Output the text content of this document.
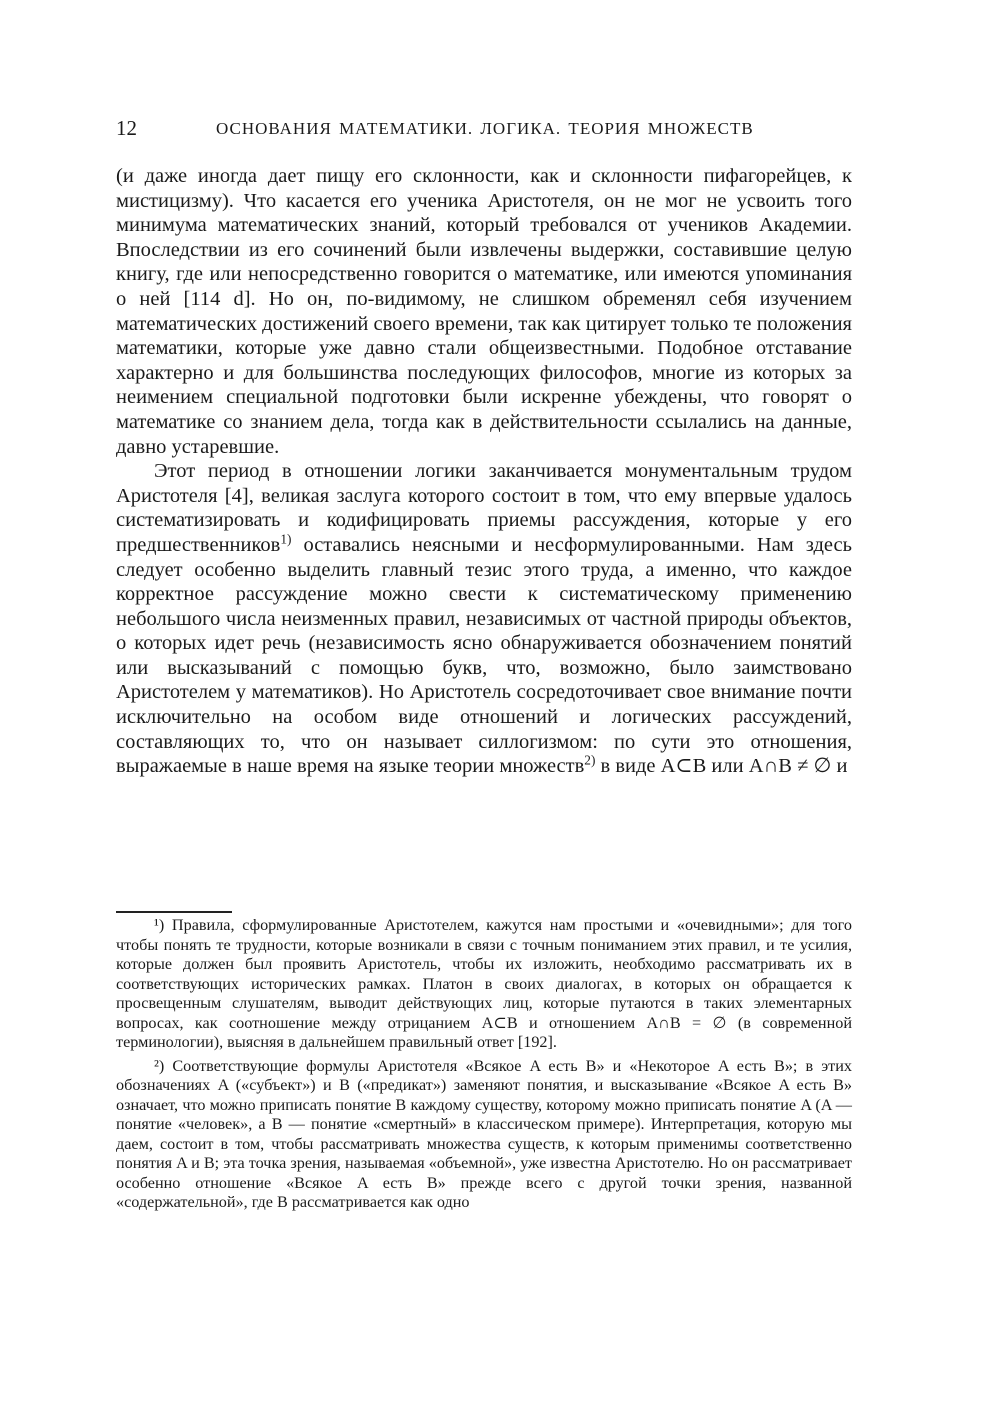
12	ОСНОВАНИЯ МАТЕМАТИКИ. ЛОГИКА. ТЕОРИЯ МНОЖЕСТВ

(и даже иногда дает пищу его склонности, как и склонности пифагорейцев, к мистицизму). Что касается его ученика Аристотеля, он не мог не усвоить того минимума математических знаний, который требовался от учеников Академии. Впоследствии из его сочинений были извлечены выдержки, составившие целую книгу, где или непосредственно говорится о математике, или имеются упоминания о ней [114 d]. Но он, по-видимому, не слишком обременял себя изучением математических достижений своего времени, так как цитирует только те положения математики, которые уже давно стали общеизвестными. Подобное отставание характерно и для большинства последующих философов, многие из которых за неимением специальной подготовки были искренне убеждены, что говорят о математике со знанием дела, тогда как в действительности ссылались на данные, давно устаревшие.

Этот период в отношении логики заканчивается монументальным трудом Аристотеля [4], великая заслуга которого состоит в том, что ему впервые удалось систематизировать и кодифицировать приемы рассуждения, которые у его предшественников$^{1)}$ оставались неясными и несформулированными. Нам здесь следует особенно выделить главный тезис этого труда, а именно, что каждое корректное рассуждение можно свести к систематическому применению небольшого числа неизменных правил, независимых от частной природы объектов, о которых идет речь (независимость ясно обнаруживается обозначением понятий или высказываний с помощью букв, что, возможно, было заимствовано Аристотелем у математиков). Но Аристотель сосредоточивает свое внимание почти исключительно на особом виде отношений и логических рассуждений, составляющих то, что он называет силлогизмом: по сути это отношения, выражаемые в наше время на языке теории множеств$^{2)}$ в виде A⊂B или A∩B ≠ ∅ и

¹) Правила, сформулированные Аристотелем, кажутся нам простыми и «очевидными»; для того чтобы понять те трудности, которые возникали в связи с точным пониманием этих правил, и те усилия, которые должен был проявить Аристотель, чтобы их изложить, необходимо рассматривать их в соответствующих исторических рамках. Платон в своих диалогах, в которых он обращается к просвещенным слушателям, выводит действующих лиц, которые путаются в таких элементарных вопросах, как соотношение между отрицанием A⊂B и отношением A∩B = ∅ (в современной терминологии), выясняя в дальнейшем правильный ответ [192].

²) Соответствующие формулы Аристотеля «Всякое A есть B» и «Некоторое A есть B»; в этих обозначениях A («субъект») и B («предикат») заменяют понятия, и высказывание «Всякое A есть B» означает, что можно приписать понятие B каждому существу, которому можно приписать понятие A (A — понятие «человек», а B — понятие «смертный» в классическом примере). Интерпретация, которую мы даем, состоит в том, чтобы рассматривать множества существ, к которым применимы соответственно понятия A и B; эта точка зрения, называемая «объемной», уже известна Аристотелю. Но он рассматривает особенно отношение «Всякое A есть B» прежде всего с другой точки зрения, названной «содержательной», где B рассматривается как одно
